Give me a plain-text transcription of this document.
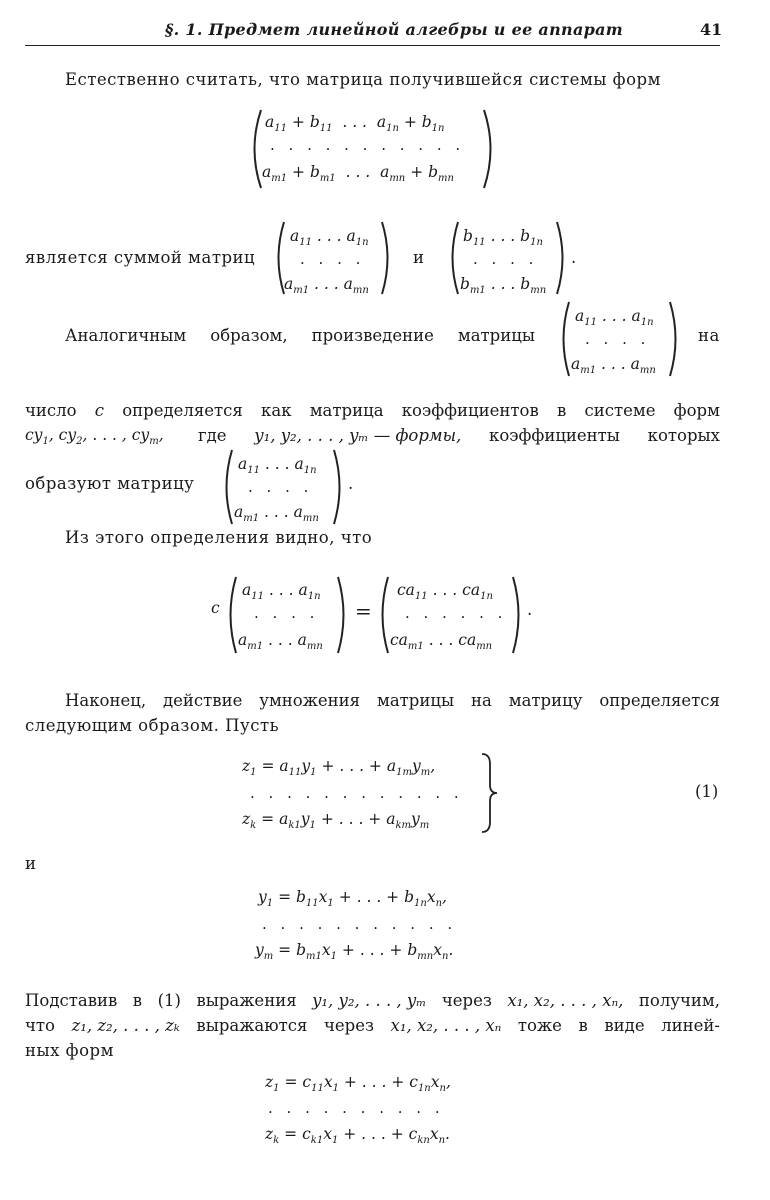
§. 1. Предмет линейной алгебры и ее аппарат	41
Естественно считать, что матрица получившейся системы форм
$a_{11} + b_{11}$  . . .  $a_{1n} + b_{1n}$
. . . . . . . . . . .
$a_{m1} + b_{m1}$  . . .  $a_{mn} + b_{mn}$
является суммой матриц
$a_{11}$ . . . $a_{1n}$
. . . .
$a_{m1}$ . . . $a_{mn}$
и
$b_{11}$ . . . $b_{1n}$
. . . .
$b_{m1}$ . . . $b_{mn}$
.
Аналогичным образом, произведение матрицы
$a_{11}$ . . . $a_{1n}$
. . . .
$a_{m1}$ . . . $a_{mn}$
на
число c определяется как матрица коэффициентов в системе форм
$cy_1$, $cy_2$, . . . , $cy_m$, где y₁, y₂, . . . , yₘ — формы, коэффициенты которых
образуют матрицу
$a_{11}$ . . . $a_{1n}$
. . . .
$a_{m1}$ . . . $a_{mn}$
.
Из этого определения видно, что
c
$a_{11}$ . . . $a_{1n}$
. . . .
$a_{m1}$ . . . $a_{mn}$
=
$ca_{11}$ . . . $ca_{1n}$
. . . . . .
$ca_{m1}$ . . . $ca_{mn}$
.
Наконец, действие умножения матрицы на матрицу определяется
следующим образом. Пусть
$z_1 = a_{11}y_1$ + . . . + $a_{1m}y_m$,
. . . . . . . . . . . .
$z_k = a_{k1}y_1$ + . . . + $a_{km}y_m$
(1)
и
$y_1 = b_{11}x_1$ + . . . + $b_{1n}x_n$,
. . . . . . . . . . .
$y_m = b_{m1}x_1$ + . . . + $b_{mn}x_n$.
Подставив в (1) выражения y₁, y₂, . . . , yₘ через x₁, x₂, . . . , xₙ, получим,
что z₁, z₂, . . . , zₖ выражаются через x₁, x₂, . . . , xₙ тоже в виде линей-
ных форм
$z_1 = c_{11}x_1$ + . . . + $c_{1n}x_n$,
. . . . . . . . . .
$z_k = c_{k1}x_1$ + . . . + $c_{kn}x_n$.
